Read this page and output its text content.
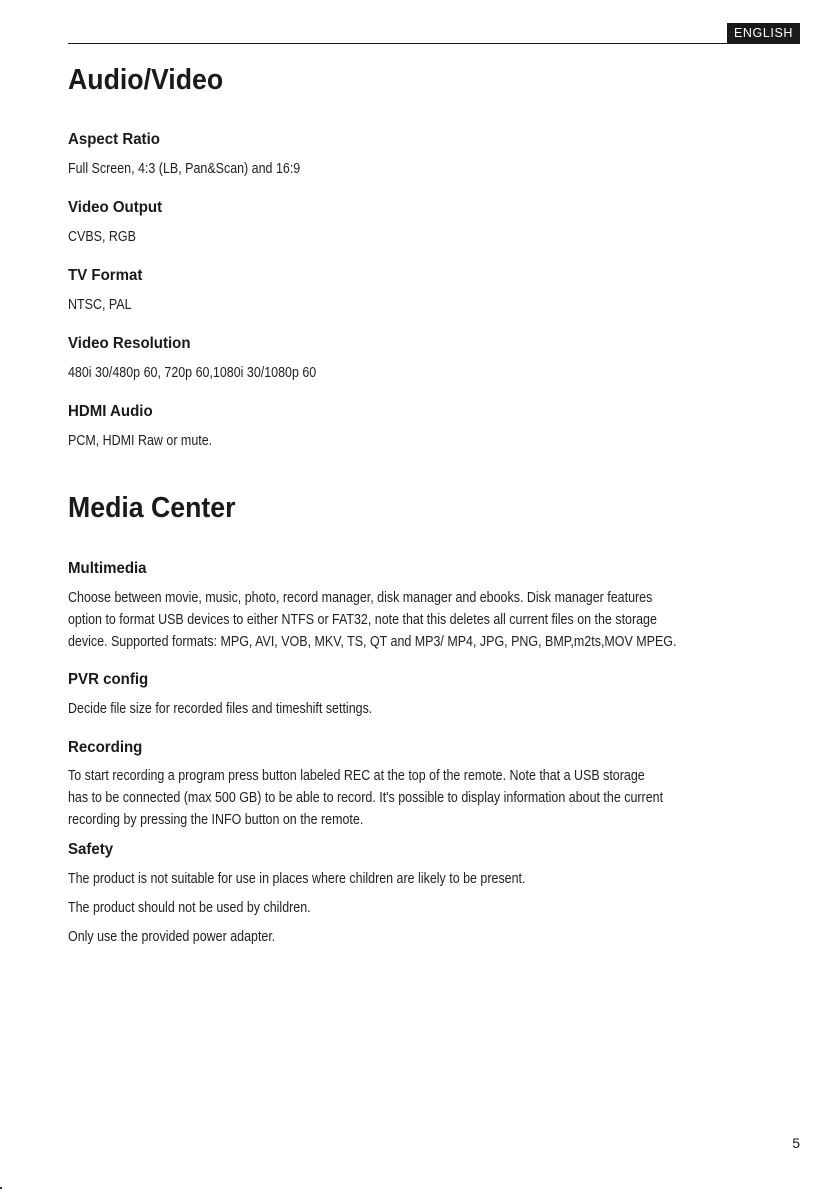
ENGLISH
Audio/Video
Aspect Ratio

Full Screen, 4:3 (LB, Pan&Scan) and 16:9

Video Output

CVBS, RGB

TV Format

NTSC, PAL

Video Resolution

480i 30/480p 60, 720p 60,1080i 30/1080p 60

HDMI Audio

PCM, HDMI Raw or mute.

Media Center
Multimedia

Choose between movie, music, photo, record manager, disk manager and ebooks. Disk manager features
option to format USB devices to either NTFS or FAT32, note that this deletes all current files on the storage
device. Supported formats: MPG, AVI, VOB, MKV, TS, QT and MP3/ MP4, JPG, PNG, BMP,m2ts,MOV MPEG.

PVR config

Decide file size for recorded files and timeshift settings.

Recording

To start recording a program press button labeled REC at the top of the remote. Note that a USB storage
has to be connected (max 500 GB) to be able to record. It's possible to display information about the current
recording by pressing the INFO button on the remote.

Safety

The product is not suitable for use in places where children are likely to be present.

The product should not be used by children.

Only use the provided power adapter.

5
